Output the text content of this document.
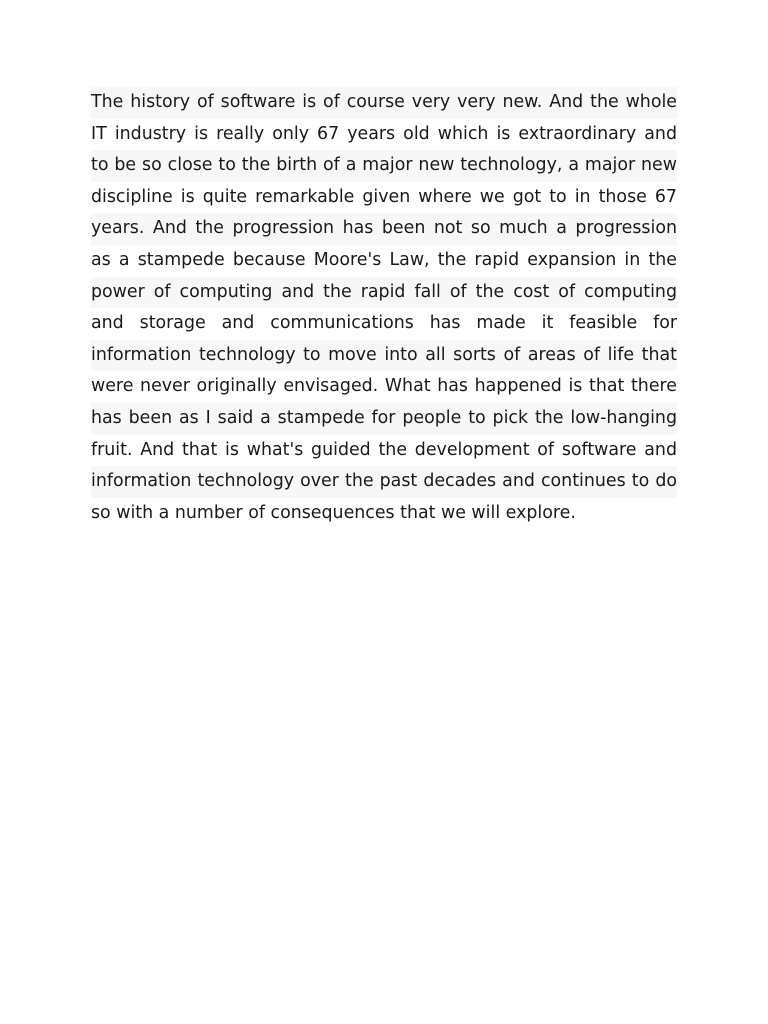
The history of software is of course very very new. And the whole
IT industry is really only 67 years old which is extraordinary and
to be so close to the birth of a major new technology, a major new
discipline is quite remarkable given where we got to in those 67
years. And the progression has been not so much a progression
as a stampede because Moore's Law, the rapid expansion in the
power of computing and the rapid fall of the cost of computing
and storage and communications has made it feasible for
information technology to move into all sorts of areas of life that
were never originally envisaged. What has happened is that there
has been as I said a stampede for people to pick the low-hanging
fruit. And that is what's guided the development of software and
information technology over the past decades and continues to do
so with a number of consequences that we will explore.
